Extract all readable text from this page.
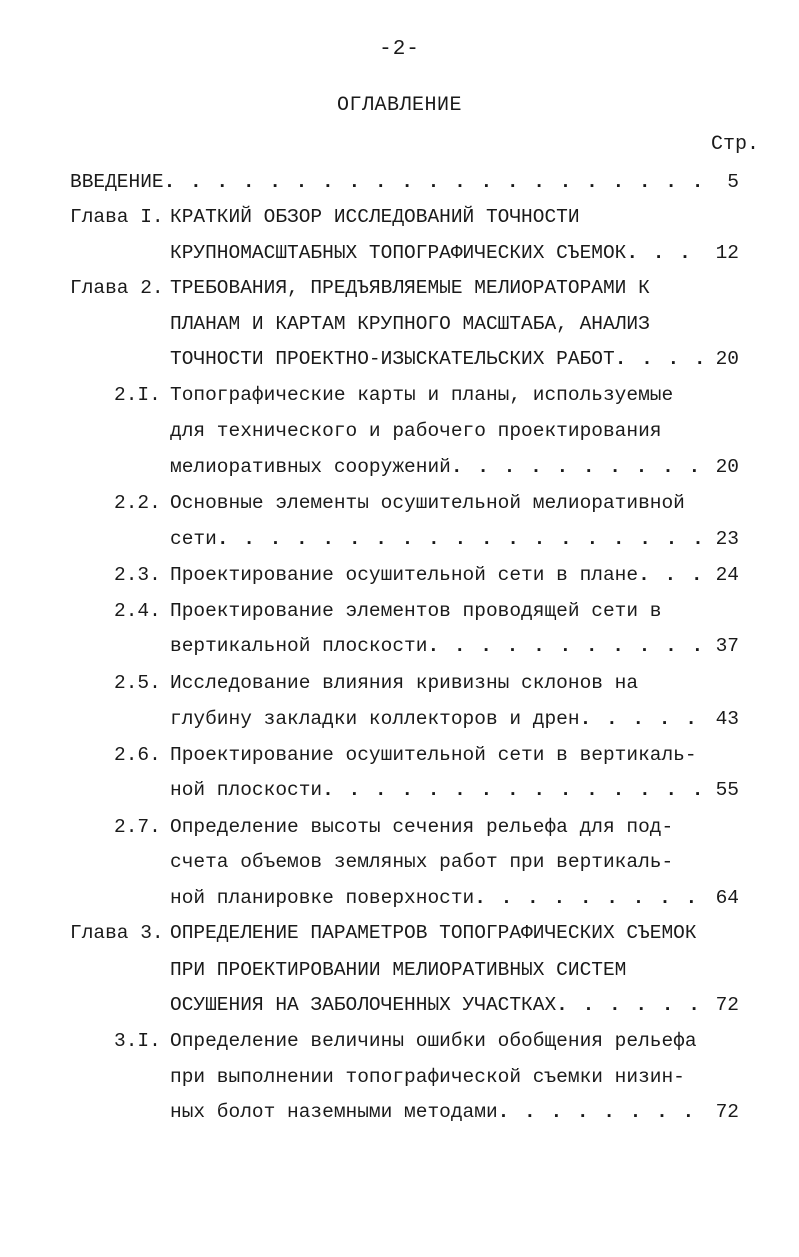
-2-
ОГЛАВЛЕНИЕ
Стр.
ВВЕДЕНИЕ . . .	5
Глава I. КРАТКИЙ ОБЗОР ИССЛЕДОВАНИЙ ТОЧНОСТИ
КРУПНОМАСШТАБНЫХ ТОПОГРАФИЧЕСКИХ СЪЕМОК . . .	12
Глава 2. ТРЕБОВАНИЯ, ПРЕДЪЯВЛЯЕМЫЕ МЕЛИОРАТОРАМИ К
ПЛАНАМ И КАРТАМ КРУПНОГО МАСШТАБА, АНАЛИЗ
ТОЧНОСТИ ПРОЕКТНО-ИЗЫСКАТЕЛЬСКИХ РАБОТ . . .	20
2.I. Топографические карты и планы, используемые
для технического и рабочего проектирования
мелиоративных сооружений . . .	20
2.2. Основные элементы осушительной мелиоративной
сети . . .	23
2.3. Проектирование осушительной сети в плане . . .	24
2.4. Проектирование элементов проводящей сети в
вертикальной плоскости . . .	37
2.5. Исследование влияния кривизны склонов на
глубину закладки коллекторов и дрен . . .	43
2.6. Проектирование осушительной сети в вертикаль-
ной плоскости . . .	55
2.7. Определение высоты сечения рельефа для под-
счета объемов земляных работ при вертикаль-
ной планировке поверхности . . .	64
Глава 3. ОПРЕДЕЛЕНИЕ ПАРАМЕТРОВ ТОПОГРАФИЧЕСКИХ СЪЕМОК
ПРИ ПРОЕКТИРОВАНИИ МЕЛИОРАТИВНЫХ СИСТЕМ
ОСУШЕНИЯ НА ЗАБОЛОЧЕННЫХ УЧАСТКАХ . . .	72
3.I. Определение величины ошибки обобщения рельефа
при выполнении топографической съемки низин-
ных болот наземными методами . . .	72
